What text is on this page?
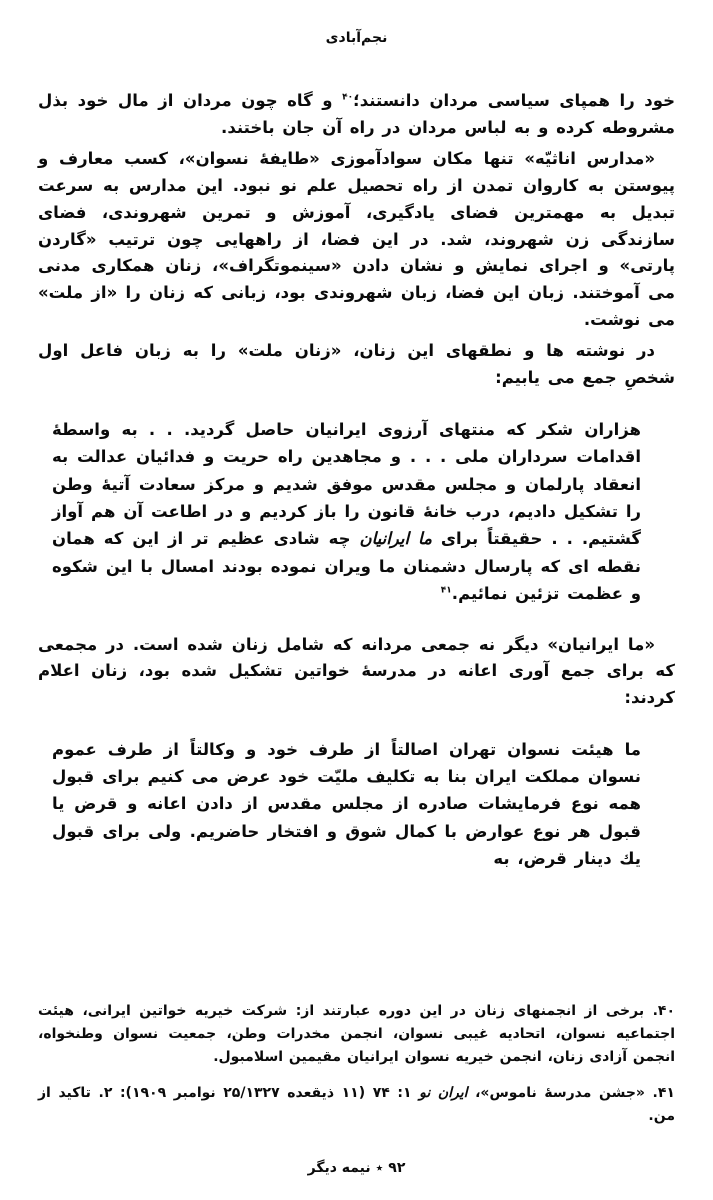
نجم‌آبادی

خود را همپای سیاسی مردان دانستند؛$^{۴۰}$ و گاه چون مردان از مال خود بذل مشروطه کرده و به لباس مردان در راه آن جان باختند.

«مدارس اناثیّه» تنها مکان سوادآموزی «طایفهٔ نسوان»، کسب معارف و پیوستن به کاروان تمدن از راه تحصیل علم نو نبود. این مدارس به سرعت تبدیل به مهمترین فضای یادگیری، آموزش و تمرین شهروندی، فضای سازندگی زن شهروند، شد. در این فضا، از راههایی چون ترتیب «گاردن پارتی» و اجرای نمایش و نشان دادن «سینموتگراف»، زنان همکاری مدنی می آموختند. زبان این فضا، زبان شهروندی بود، زبانی که زنان را «از ملت» می نوشت.

در نوشته ها و نطقهای این زنان، «زنان ملت» را به زبان فاعل اول شخصِ جمع می یابیم:

هزاران شکر که منتهای آرزوی ایرانیان حاصل گردید. . . به واسطهٔ اقدامات سرداران ملی . . . و مجاهدین راه حریت و فدائیان عدالت به انعقاد پارلمان و مجلس مقدس موفق شدیم و مرکز سعادت آتیهٔ وطن را تشکیل دادیم، درب خانهٔ قانون را باز کردیم و در اطاعت آن هم آواز گشتیم. . . حقیقتاً برای ما ایرانیان چه شادی عظیم تر از این که همان نقطه ای که پارسال دشمنان ما ویران نموده بودند امسال با این شکوه و عظمت تزئین نمائیم.$^{۴۱}$

«ما ایرانیان» دیگر نه جمعی مردانه که شامل زنان شده است. در مجمعی که برای جمع آوری اعانه در مدرسهٔ خواتین تشکیل شده بود، زنان اعلام کردند:

ما هیئت نسوان تهران اصالتاً از طرف خود و وکالتاً از طرف عموم نسوان مملکت ایران بنا به تکلیف ملیّت خود عرض می کنیم برای قبول همه نوع فرمایشات صادره از مجلس مقدس از دادن اعانه و قرض یا قبول هر نوع عوارض با کمال شوق و افتخار حاضریم. ولی برای قبول یك دینار قرض، به

۴۰. برخی از انجمنهای زنان در این دوره عبارتند از: شرکت خیریه خواتین ایرانی، هیئت اجتماعیه نسوان، اتحادیه غیبی نسوان، انجمن مخدرات وطن، جمعیت نسوان وطنخواه، انجمن آزادی زنان، انجمن خیریه نسوان ایرانیان مقیمین اسلامبول.

۴۱. «جشن مدرسهٔ ناموس»، ایران نو ۱: ۷۴ (۱۱ ذیقعده ۲۵/۱۳۲۷ نوامبر ۱۹۰۹): ۲. تاکید از من.

نیمه دیگر ٭ ۹۲
